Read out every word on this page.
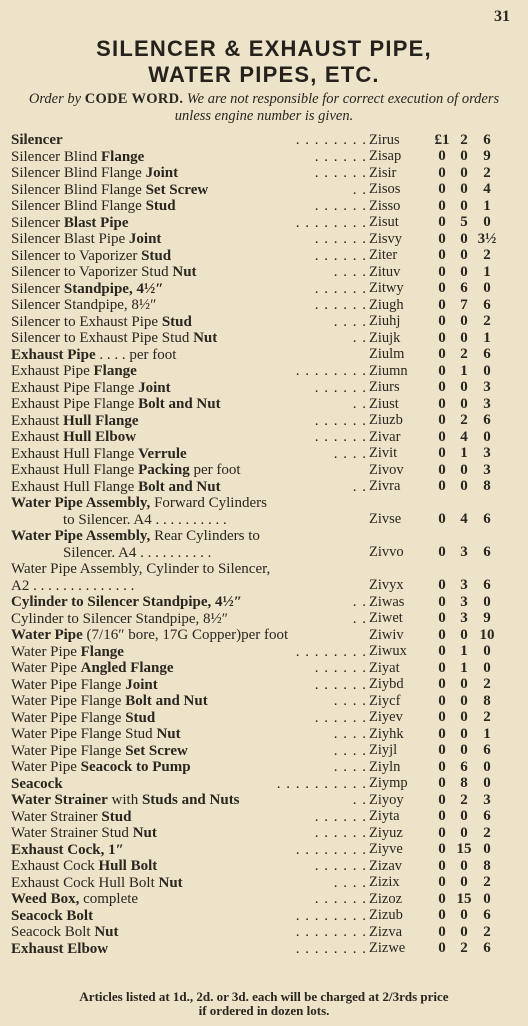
31
SILENCER & EXHAUST PIPE,
WATER PIPES, ETC.
Order by CODE WORD. We are not responsible for correct execution of orders unless engine number is given.
Silencer	. . . . . . . . Zirus	£1 2	6
Silencer Blind Flange	. . . . . . Zisap	0 0	9
Silencer Blind Flange Joint	. . . . . . Zisir	0 0	2
Silencer Blind Flange Set Screw	. . Zisos	0 0	4
Silencer Blind Flange Stud	. . . . . . Zisso	0 0	1
Silencer Blast Pipe	. . . . . . . . Zisut	0 5	0
Silencer Blast Pipe Joint	. . . . . . Zisvy	0 0 3½
Silencer to Vaporizer Stud	. . . . . . Ziter	0 0	2
Silencer to Vaporizer Stud Nut	. . . . Zituv	0 0	1
Silencer Standpipe, 4½″	. . . . . . Zitwy	0 6	0
Silencer Standpipe, 8½″	. . . . . . Ziugh	0 7	6
Silencer to Exhaust Pipe Stud	. . . . Ziuhj	0 0	2
Silencer to Exhaust Pipe Stud Nut	. . Ziujk	0 0	1
Exhaust Pipe . . . . per foot	Ziulm	0 2	6
Exhaust Pipe Flange	. . . . . . . . Ziumn	0 1	0
Exhaust Pipe Flange Joint	. . . . . . Ziurs	0 0	3
Exhaust Pipe Flange Bolt and Nut	. . Ziust	0 0	3
Exhaust Hull Flange	. . . . . . Ziuzb	0 2	6
Exhaust Hull Elbow	. . . . . . Zivar	0 4	0
Exhaust Hull Flange Verrule	. . . . Zivit	0 1	3
Exhaust Hull Flange Packing per foot	Zivov	0 0	3
Exhaust Hull Flange Bolt and Nut	. . Zivra	0 0	8
Water Pipe Assembly, Forward Cylinders
to Silencer. A4 . . . . . . . . . .	Zivse	0 4	6
Water Pipe Assembly, Rear Cylinders to
Silencer. A4 . . . . . . . . . .	Zivvo	0 3	6
Water Pipe Assembly, Cylinder to Silencer,
A2 . . . . . . . . . . . . . .	Zivyx	0 3	6
Cylinder to Silencer Standpipe, 4½″	. . Ziwas	0 3	0
Cylinder to Silencer Standpipe, 8½″	. . Ziwet	0 3	9
Water Pipe (7/16″ bore, 17G Copper)per foot	Ziwiv	0 0 10
Water Pipe Flange	. . . . . . . . Ziwux	0 1	0
Water Pipe Angled Flange	. . . . . . Ziyat	0 1	0
Water Pipe Flange Joint	. . . . . . Ziybd	0 0	2
Water Pipe Flange Bolt and Nut	. . . . Ziycf	0 0	8
Water Pipe Flange Stud	. . . . . . Ziyev	0 0	2
Water Pipe Flange Stud Nut	. . . . Ziyhk	0 0	1
Water Pipe Flange Set Screw	. . . . Ziyjl	0 0	6
Water Pipe Seacock to Pump	. . . . Ziyln	0 6	0
Seacock	. . . . . . . . . . Ziymp	0 8	0
Water Strainer with Studs and Nuts	. . Ziyoy	0 2	3
Water Strainer Stud	. . . . . . Ziyta	0 0	6
Water Strainer Stud Nut	. . . . . . Ziyuz	0 0	2
Exhaust Cock, 1″	. . . . . . . . Ziyve	0 15 0
Exhaust Cock Hull Bolt	. . . . . . Zizav	0 0	8
Exhaust Cock Hull Bolt Nut	. . . . Zizix	0 0	2
Weed Box, complete	. . . . . . Zizoz	0 15 0
Seacock Bolt	. . . . . . . . Zizub	0 0	6
Seacock Bolt Nut	. . . . . . . . Zizva	0 0	2
Exhaust Elbow	. . . . . . . . Zizwe	0 2	6
Articles listed at 1d., 2d. or 3d. each will be charged at 2/3rds price
if ordered in dozen lots.
